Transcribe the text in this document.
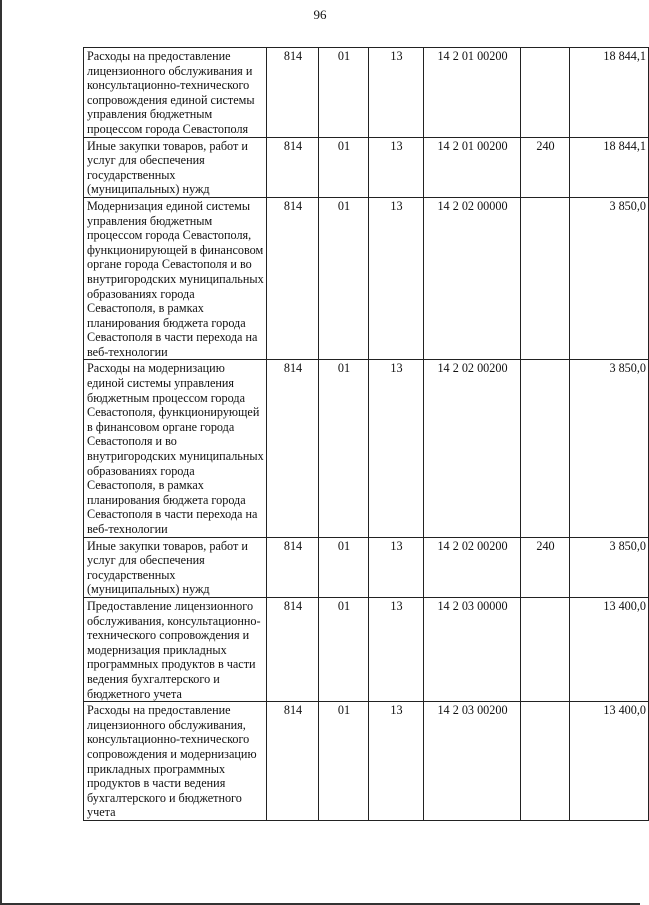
96
Расходы на предоставление лицензионного обслуживания и консультационно-технического сопровождения единой системы управления бюджетным процессом города Севастополя	814	01	13	14 2 01 00200		18 844,1
Иные закупки товаров, работ и услуг для обеспечения государственных (муниципальных) нужд	814	01	13	14 2 01 00200	240	18 844,1
Модернизация единой системы управления бюджетным процессом города Севастополя, функционирующей в финансовом органе города Севастополя и во внутригородских муниципальных образованиях города Севастополя, в рамках планирования бюджета города Севастополя в части перехода на веб-технологии	814	01	13	14 2 02 00000		3 850,0
Расходы на модернизацию единой системы управления бюджетным процессом города Севастополя, функционирующей в финансовом органе города Севастополя и во внутригородских муниципальных образованиях города Севастополя, в рамках планирования бюджета города Севастополя в части перехода на веб-технологии	814	01	13	14 2 02 00200		3 850,0
Иные закупки товаров, работ и услуг для обеспечения государственных (муниципальных) нужд	814	01	13	14 2 02 00200	240	3 850,0
Предоставление лицензионного обслуживания, консультационно-технического сопровождения и модернизация прикладных программных продуктов в части ведения бухгалтерского и бюджетного учета	814	01	13	14 2 03 00000		13 400,0
Расходы на предоставление лицензионного обслуживания, консультационно-технического сопровождения и модернизацию прикладных программных продуктов в части ведения бухгалтерского и бюджетного учета	814	01	13	14 2 03 00200		13 400,0
